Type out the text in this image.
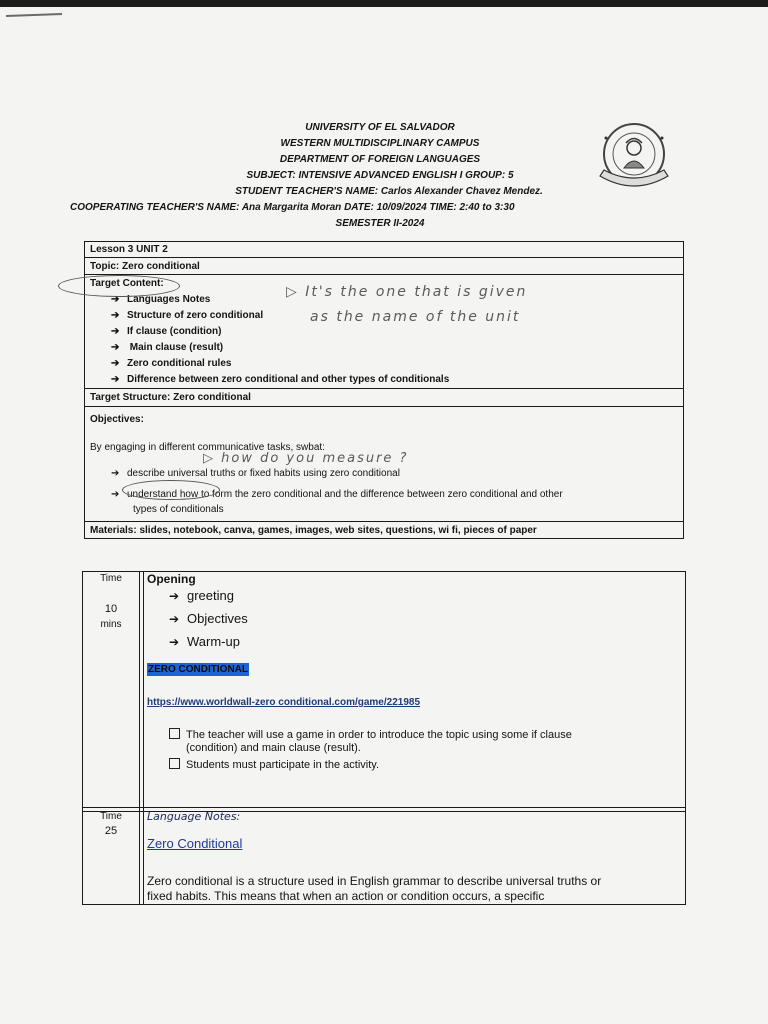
UNIVERSITY OF EL SALVADOR
WESTERN MULTIDISCIPLINARY CAMPUS
DEPARTMENT OF FOREIGN LANGUAGES
SUBJECT: INTENSIVE ADVANCED ENGLISH I GROUP: 5
STUDENT TEACHER'S NAME: Carlos Alexander Chavez Mendez.
COOPERATING TEACHER'S NAME: Ana Margarita Moran DATE: 10/09/2024 TIME: 2:40 to 3:30
SEMESTER II-2024
Lesson 3 UNIT 2
Topic: Zero conditional
Target Content:
➔ Languages Notes
➔ Structure of zero conditional
➔ If clause (condition)
➔ Main clause (result)
➔ Zero conditional rules
➔ Difference between zero conditional and other types of conditionals
Target Structure: Zero conditional
Objectives:
By engaging in different communicative tasks, swbat:
➔ describe universal truths or fixed habits using zero conditional
➔ understand how to form the zero conditional and the difference between zero conditional and other
types of conditionals
Materials: slides, notebook, canva, games, images, web sites, questions, wi fi, pieces of paper
▷ It's the one that is given
as the name of the unit
▷ how do you measure ?
Time
10
mins
Opening
➔ greeting
➔ Objectives
➔ Warm-up
ZERO CONDITIONAL
https://www.worldwall-zero conditional.com/game/221985
The teacher will use a game in order to introduce the topic using some if clause
(condition) and main clause (result).
Students must participate in the activity.
Time
25
Language Notes:
Zero Conditional
Zero conditional is a structure used in English grammar to describe universal truths or
fixed habits. This means that when an action or condition occurs, a specific
